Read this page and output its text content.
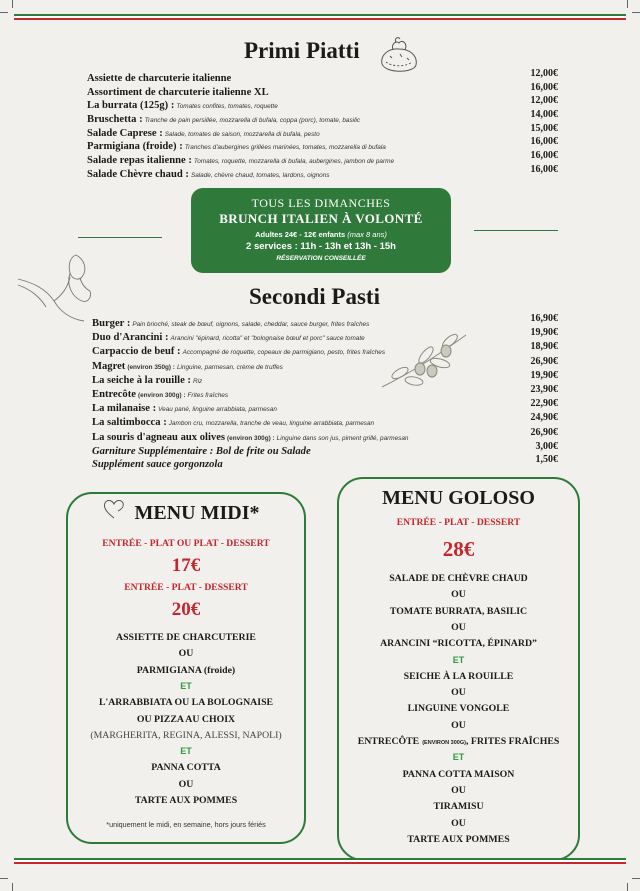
Primi Piatti
Assiette de charcuterie italienne	12,00€
Assortiment de charcuterie italienne XL	16,00€
La burrata (125g) : Tomates confites, tomates, roquette
12,00€
Bruschetta : Tranche de pain persillée, mozzarella di bufala, coppa (porc), tomate, basilic
14,00€
Salade Caprese : Salade, tomates de saison, mozzarella di bufala, pesto
15,00€
Parmigiana (froide) : Tranches d'aubergines grillées marinées, tomates, mozzarella di bufala
16,00€
Salade repas italienne : Tomates, roquette, mozzarella di bufala, aubergines, jambon de parme
16,00€
Salade Chèvre chaud : Salade, chèvre chaud, tomates, lardons, oignons
16,00€
TOUS LES DIMANCHES
BRUNCH ITALIEN À VOLONTÉ
Adultes 24€ - 12€ enfants (max 8 ans)
2 services : 11h - 13h et 13h - 15h
RÉSERVATION CONSEILLÉE
Secondi Pasti
Burger : Pain brioché, steak de bœuf, oignons, salade, cheddar, sauce burger, frites fraîches
16,90€
Duo d'Arancini : Arancini "épinard, ricotta" et "bolognaise bœuf et porc" sauce tomate
19,90€
Carpaccio de beuf : Accompagné de roquette, copeaux de parmigiano, pesto, frites fraîches
18,90€
Magret (environ 350g) : Linguine, parmesan, crème de truffes
26,90€
La seiche à la rouille : Riz
19,90€
Entrecôte (environ 300g) : Frites fraîches
23,90€
La milanaise : Veau pané, linguine arrabbiata, parmesan
22,90€
La saltimbocca : Jambon cru, mozzarella, tranche de veau, linguine arrabbiata, parmesan
24,90€
La souris d'agneau aux olives (environ 300g) : Linguine dans son jus, piment grillé, parmesan
26,90€
Garniture Supplémentaire : Bol de frite ou Salade	3,00€
Supplément sauce gorgonzola	1,50€
MENU MIDI*
ENTRÉE - PLAT OU PLAT - DESSERT
17€
ENTRÉE - PLAT - DESSERT
20€
ASSIETTE DE CHARCUTERIE
OU
PARMIGIANA (froide)
ET
L'ARRABBIATA OU LA BOLOGNAISE
OU PIZZA AU CHOIX
(MARGHERITA, REGINA, ALESSI, NAPOLI)
ET
PANNA COTTA
OU
TARTE AUX POMMES
*uniquement le midi, en semaine, hors jours fériés
MENU GOLOSO
ENTRÉE - PLAT - DESSERT
28€
SALADE DE CHÈVRE CHAUD
OU
TOMATE BURRATA, BASILIC
OU
ARANCINI “RICOTTA, ÉPINARD”
ET
SEICHE À LA ROUILLE
OU
LINGUINE VONGOLE
OU
ENTRECÔTE (ENVIRON 300G), FRITES FRAÎCHES
ET
PANNA COTTA MAISON
OU
TIRAMISU
OU
TARTE AUX POMMES
